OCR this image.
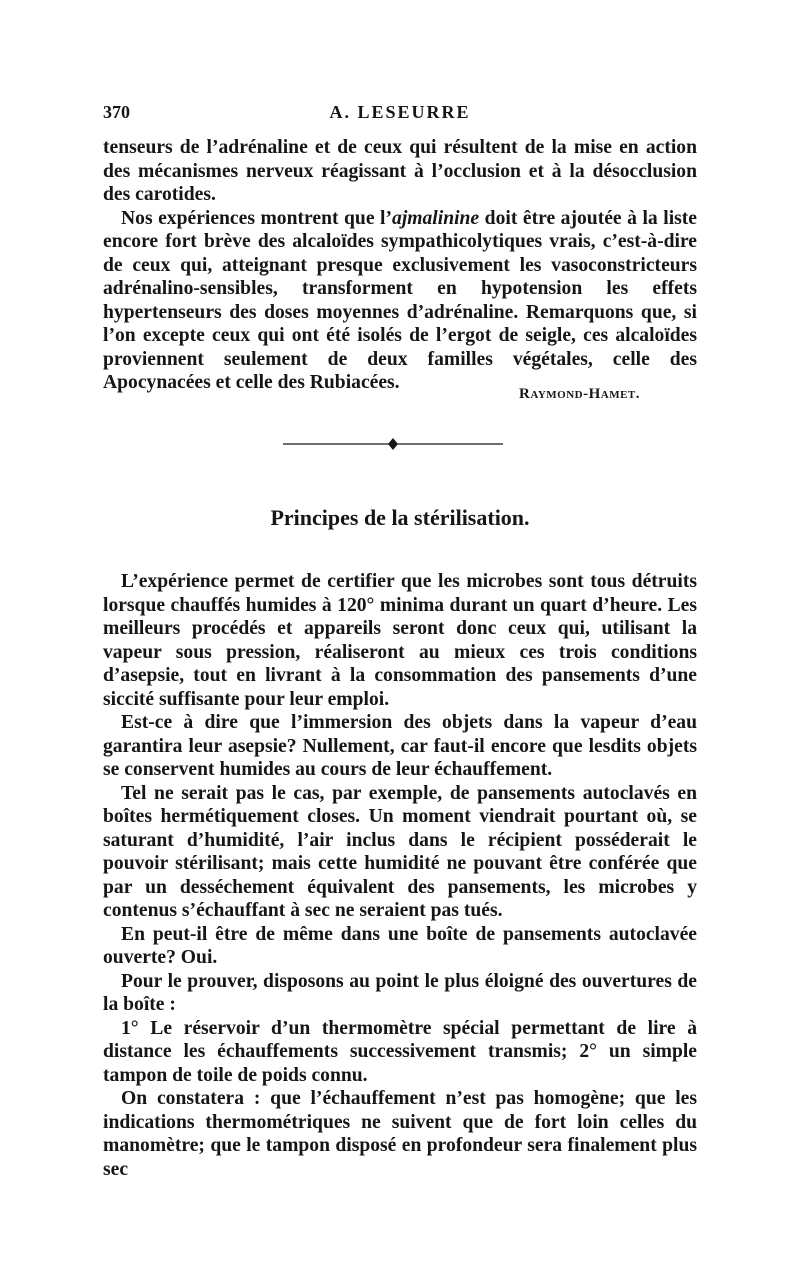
370	A. LESEURRE

tenseurs de l’adrénaline et de ceux qui résultent de la mise en action des mécanismes nerveux réagissant à l’occlusion et à la désocclusion des carotides.

Nos expériences montrent que l’ajmalinine doit être ajoutée à la liste encore fort brève des alcaloïdes sympathicolytiques vrais, c’est-à-dire de ceux qui, atteignant presque exclusivement les vasoconstricteurs adrénalino-sensibles, transforment en hypotension les effets hypertenseurs des doses moyennes d’adrénaline. Remarquons que, si l’on excepte ceux qui ont été isolés de l’ergot de seigle, ces alcaloïdes proviennent seulement de deux familles végétales, celle des Apocynacées et celle des Rubiacées.

Raymond-Hamet.
Principes de la stérilisation.

L’expérience permet de certifier que les microbes sont tous détruits lorsque chauffés humides à 120° minima durant un quart d’heure. Les meilleurs procédés et appareils seront donc ceux qui, utilisant la vapeur sous pression, réaliseront au mieux ces trois conditions d’asepsie, tout en livrant à la consommation des pansements d’une siccité suffisante pour leur emploi.

Est-ce à dire que l’immersion des objets dans la vapeur d’eau garantira leur asepsie? Nullement, car faut-il encore que lesdits objets se conservent humides au cours de leur échauffement.

Tel ne serait pas le cas, par exemple, de pansements autoclavés en boîtes hermétiquement closes. Un moment viendrait pourtant où, se saturant d’humidité, l’air inclus dans le récipient posséderait le pouvoir stérilisant; mais cette humidité ne pouvant être conférée que par un desséchement équivalent des pansements, les microbes y contenus s’échauffant à sec ne seraient pas tués.

En peut-il être de même dans une boîte de pansements autoclavée ouverte? Oui.

Pour le prouver, disposons au point le plus éloigné des ouvertures de la boîte :

1° Le réservoir d’un thermomètre spécial permettant de lire à distance les échauffements successivement transmis; 2° un simple tampon de toile de poids connu.

On constatera : que l’échauffement n’est pas homogène; que les indications thermométriques ne suivent que de fort loin celles du manomètre; que le tampon disposé en profondeur sera finalement plus sec
